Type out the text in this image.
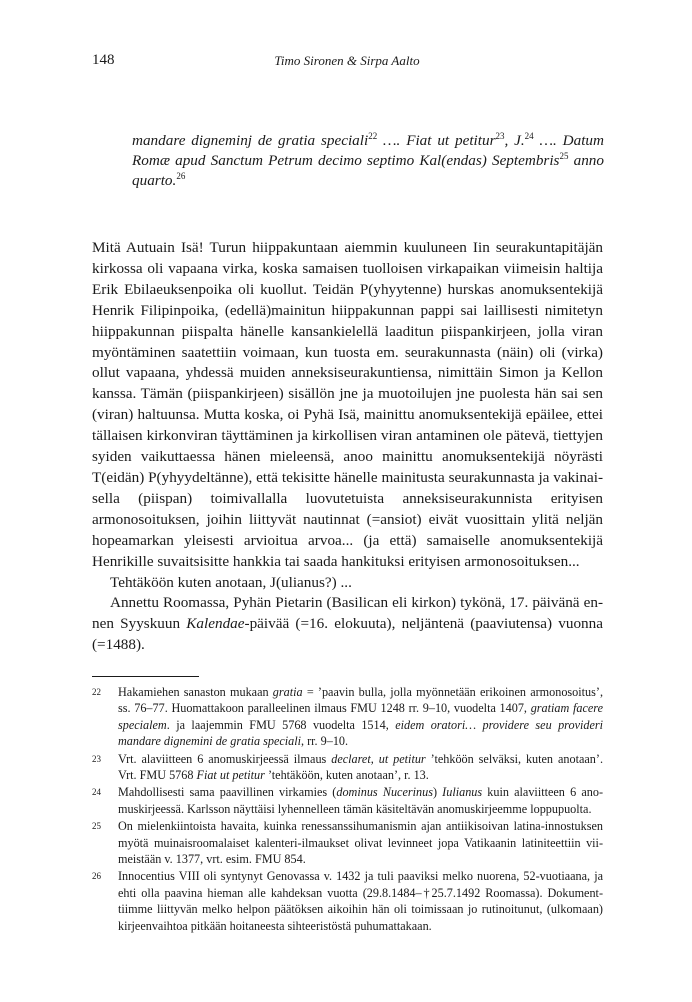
148	Timo Sironen & Sirpa Aalto
mandare digneminj de gratia speciali$^{22}$ …. Fiat ut petitur$^{23}$, J.$^{24}$ …. Datum Romæ apud Sanctum Petrum decimo septimo Kal(endas) Septembris$^{25}$ anno quarto.$^{26}$

Mitä Autuain Isä! Turun hiippakuntaan aiemmin kuuluneen Iin seurakuntapitäjän kirkossa oli vapaana virka, koska samaisen tuolloisen virkapaikan viimeisin haltija Erik Ebilaeuksenpoika oli kuollut. Teidän P(yhyytenne) hurskas anomuksentekijä Henrik Filipinpoika, (edellä)mainitun hiippakunnan pappi sai laillisesti nimitetyn hiippakunnan piispalta hänelle kansankielellä laaditun piispankirjeen, jolla viran myöntäminen saatettiin voimaan, kun tuosta em. seurakunnasta (näin) oli (virka) ollut vapaana, yhdessä muiden anneksiseurakuntiensa, nimittäin Simon ja Kellon kanssa. Tämän (piispankirjeen) sisällön jne ja muotoilujen jne puolesta hän sai sen (viran) haltuunsa. Mutta koska, oi Pyhä Isä, mainittu anomuksentekijä epäilee, ettei tällaisen kirkonviran täyttäminen ja kirkollisen viran antaminen ole pätevä, tiettyjen syiden vaikuttaessa hänen mieleensä, anoo mainittu anomuksentekijä nöyrästi T(eidän) P(yhyydeltänne), että tekisitte hänelle mainitusta seurakunnasta ja vakinaisella (piispan) toimivallalla luovutetuista anneksiseurakunnista erityisen armonosoituksen, joihin liittyvät nautinnat (=ansiot) eivät vuosittain ylitä neljän hopeamarkan yleisesti arvioitua arvoa... (ja että) samaiselle anomuksentekijä Henrikille suvaitsisitte hankkia tai saada hankituksi erityisen armonosoituksen...

Tehtäköön kuten anotaan, J(ulianus?) ...

Annettu Roomassa, Pyhän Pietarin (Basilican eli kirkon) tykönä, 17. päivänä ennen Syyskuun Kalendae-päivää (=16. elokuuta), neljäntenä (paaviutensa) vuonna (=1488).

22 Hakamiehen sanaston mukaan gratia = ’paavin bulla, jolla myönnetään erikoinen armonosoitus’, ss. 76–77. Huomattakoon paralleelinen ilmaus FMU 1248 rr. 9–10, vuodelta 1407, gratiam facere specialem. ja laajemmin FMU 5768 vuodelta 1514, eidem oratori… providere seu provideri mandare dignemini de gratia speciali, rr. 9–10.
23 Vrt. alaviitteen 6 anomuskirjeessä ilmaus declaret, ut petitur ’tehköön selväksi, kuten anotaan’. Vrt. FMU 5768 Fiat ut petitur ’tehtäköön, kuten anotaan’, r. 13.
24 Mahdollisesti sama paavillinen virkamies (dominus Nucerinus) Iulianus kuin alaviitteen 6 anomuskirjeessä. Karlsson näyttäisi lyhennelleen tämän käsiteltävän anomuskirjeemme loppupuolta.
25 On mielenkiintoista havaita, kuinka renessanssihumanismin ajan antiikisoivan latina-innostuksen myötä muinaisroomalaiset kalenteri-ilmaukset olivat levinneet jopa Vatikaanin latiniteettiin viimeistään v. 1377, vrt. esim. FMU 854.
26 Innocentius VIII oli syntynyt Genovassa v. 1432 ja tuli paaviksi melko nuorena, 52-vuotiaana, ja ehti olla paavina hieman alle kahdeksan vuotta (29.8.1484–†25.7.1492 Roomassa). Dokumenttiimme liittyvän melko helpon päätöksen aikoihin hän oli toimissaan jo rutinoitunut, (ulkomaan) kirjeenvaihtoa pitkään hoitaneesta sihteeristöstä puhumattakaan.
